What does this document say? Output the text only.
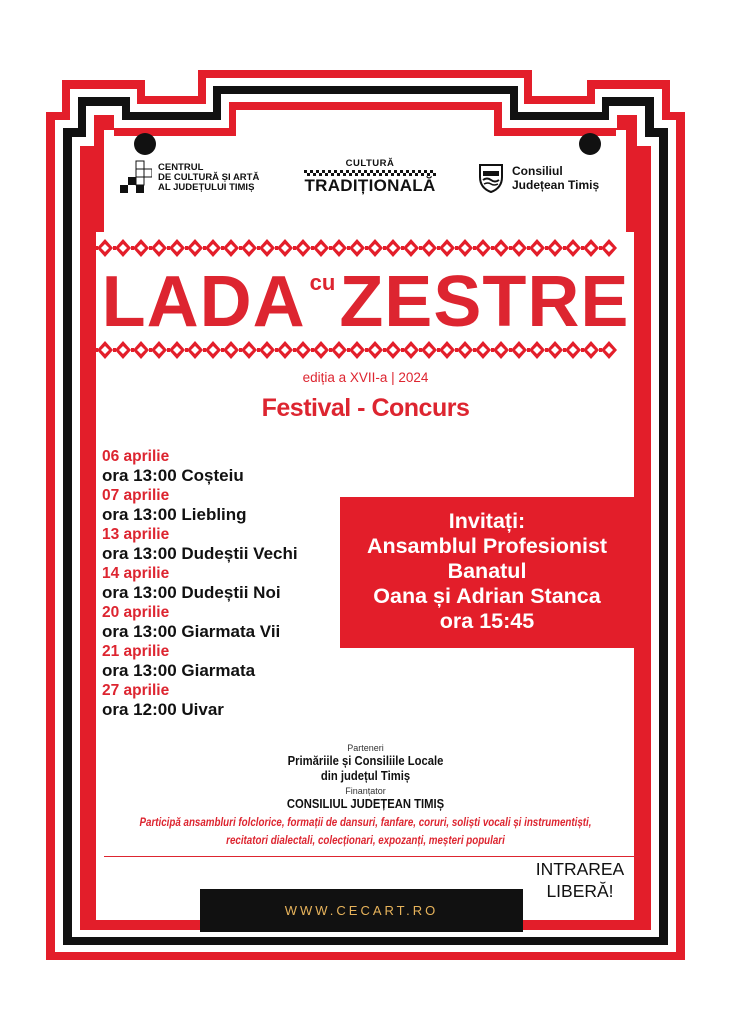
CENTRUL
DE CULTURĂ ȘI ARTĂ
AL JUDEȚULUI TIMIȘ
CULTURĂ
TRADIȚIONALĂ
Consiliul
Județean Timiș
LADA cuZESTRE
ediția a XVII-a | 2024
Festival - Concurs
06 aprilie
ora 13:00 Coșteiu
07 aprilie
ora 13:00 Liebling
13 aprilie
ora 13:00 Dudeștii Vechi
14 aprilie
ora 13:00 Dudeștii Noi
20 aprilie
ora 13:00 Giarmata Vii
21 aprilie
ora 13:00 Giarmata
27 aprilie
ora 12:00 Uivar
Invitați:
Ansamblul Profesionist
Banatul
Oana și Adrian Stanca
ora 15:45
Parteneri
Primăriile și Consiliile Locale
din județul Timiș
Finanțator
CONSILIUL JUDEȚEAN TIMIȘ
Participă ansambluri folclorice, formații de dansuri, fanfare, coruri, soliști vocali și instrumentiști,
recitatori dialectali, colecționari, expozanți, meșteri populari
INTRAREA
LIBERĂ!
WWW.CECART.RO
